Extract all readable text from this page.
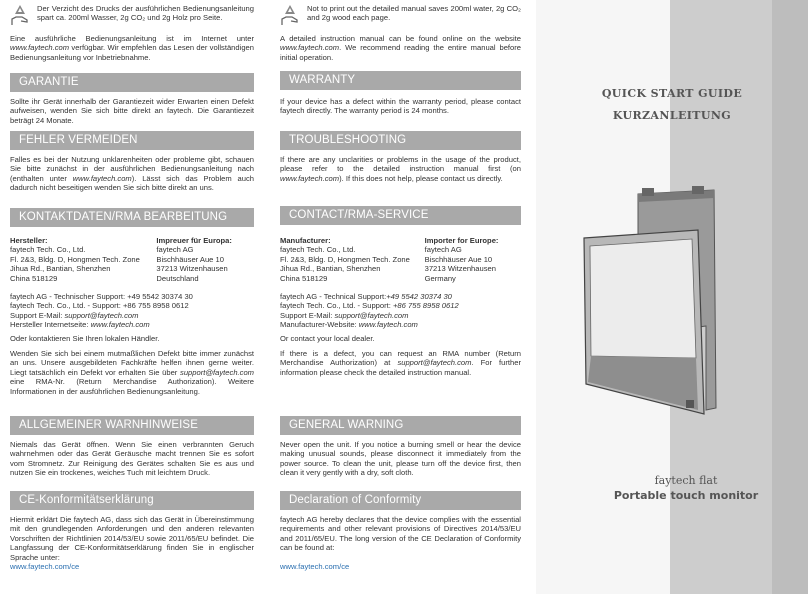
Der Verzicht des Drucks der ausführlichen Bedienungsanleitung spart ca. 200ml Wasser, 2g CO₂ und 2g Holz pro Seite.

Eine ausführliche Bedienungsanleitung ist im Internet unter www.faytech.com verfügbar. Wir empfehlen das Lesen der vollständigen Bedienungsanleitung vor Inbetriebnahme.

GARANTIE

Sollte ihr Gerät innerhalb der Garantiezeit wider Erwarten einen Defekt aufweisen, wenden Sie sich bitte direkt an faytech. Die Garantiezeit beträgt 24 Monate.

FEHLER VERMEIDEN

Falles es bei der Nutzung unklarenheiten oder probleme gibt, schauen Sie bitte zunächst in der ausführlichen Bedienungsanleitung nach (enthalten unter www.faytech.com). Lässt sich das Problem auch dadurch nicht beseitigen wenden Sie sich bitte direkt an uns.

KONTAKTDATEN/RMA BEARBEITUNG

Hersteller:

faytech Tech. Co., Ltd.

Fl. 2&3, Bldg. D, Hongmen Tech. Zone

Jihua Rd., Bantian, Shenzhen

China 518129

Impreuer für Europa:

faytech AG

Bischhäuser Aue 10

37213 Witzenhausen

Deutschland

faytech AG - Technischer Support: +49 5542 30374 30

faytech Tech. Co., Ltd. - Support: +86 755 8958 0612

Support E-Mail: support@faytech.com

Hersteller Internetseite: www.faytech.com

Oder kontaktieren Sie Ihren lokalen Händler.

Wenden Sie sich bei einem mutmaßlichen Defekt bitte immer zunächst an uns. Unsere ausgebildeten Fachkräfte helfen ihnen gerne weiter. Liegt tatsächlich ein Defekt vor erhalten Sie über support@faytech.com eine RMA-Nr. (Return Merchandise Authorization). Weitere Informationen in der ausführlichen Bedienungsanleitung.

ALLGEMEINER WARNHINWEISE

Niemals das Gerät öffnen. Wenn Sie einen verbrannten Geruch wahrnehmen oder das Gerät Geräusche macht trennen Sie es sofort vom Stromnetz. Zur Reinigung des Gerätes schalten Sie es aus und nutzen Sie ein trockenes, weiches Tuch mit leichtem Druck.

CE-Konformitätserklärung

Hiermit erklärt Die faytech AG, dass sich das Gerät in Übereinstimmung mit den grundlegenden Anforderungen und den anderen relevanten Vorschriften der Richtlinien 2014/53/EU sowie 2011/65/EU befindet. Die Langfassung der CE-Konformitätserklärung finden Sie in englischer Sprache unter:

www.faytech.com/ce

Not to print out the detailed manual saves 200ml water, 2g CO₂ and 2g wood each page.

A detailed instruction manual can be found online on the website www.faytech.com. We recommend reading the entire manual before initial operation.

WARRANTY

If your device has a defect within the warranty period, please contact faytech directly. The warranty period is 24 months.

TROUBLESHOOTING

If there are any unclarities or problems in the usage of the product, please refer to the detailed instruction manual first (on www.faytech.com). If this does not help, please contact us directly.

CONTACT/RMA-SERVICE

Manufacturer:

faytech Tech. Co., Ltd.

Fl. 2&3, Bldg. D, Hongmen Tech. Zone

Jihua Rd., Bantian, Shenzhen

China 518129

Importer for Europe:

faytech AG

Bischhäuser Aue 10

37213 Witzenhausen

Germany

faytech AG - Technical Support:+49 5542 30374 30

faytech Tech. Co., Ltd. - Support: +86 755 8958 0612

Support E-Mail: support@faytech.com

Manufacturer-Website: www.faytech.com

Or contact your local dealer.

If there is a defect, you can request an RMA number (Return Merchandise Authorization) at support@faytech.com. For further information please check the detailed instruction manual.

GENERAL WARNING

Never open the unit. If you notice a burning smell or hear the device making unusual sounds, please disconnect it immediately from the power source. To clean the unit, please turn off the device first, then clean it very gently with a dry, soft cloth.

Declaration of Conformity

faytech AG hereby declares that the device complies with the essential requirements and other relevant provisions of Directives 2014/53/EU and 2011/65/EU. The long version of the CE Declaration of Conformity can be found at:

www.faytech.com/ce

QUICK START GUIDE
KURZANLEITUNG
faytech flat
Portable touch monitor
